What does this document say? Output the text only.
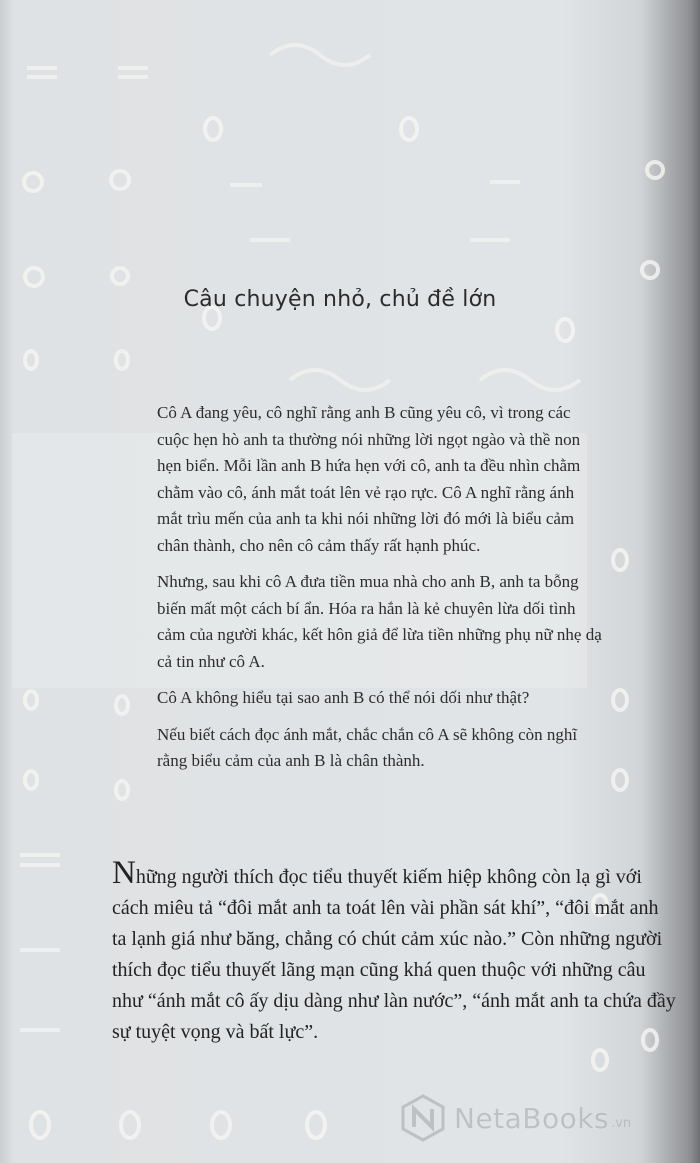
Câu chuyện nhỏ, chủ đề lớn

Cô A đang yêu, cô nghĩ rằng anh B cũng yêu cô, vì trong các cuộc hẹn hò anh ta thường nói những lời ngọt ngào và thề non hẹn biển. Mỗi lần anh B hứa hẹn với cô, anh ta đều nhìn chằm chằm vào cô, ánh mắt toát lên vẻ rạo rực. Cô A nghĩ rằng ánh mắt trìu mến của anh ta khi nói những lời đó mới là biểu cảm chân thành, cho nên cô cảm thấy rất hạnh phúc.

Nhưng, sau khi cô A đưa tiền mua nhà cho anh B, anh ta bỗng biến mất một cách bí ẩn. Hóa ra hắn là kẻ chuyên lừa dối tình cảm của người khác, kết hôn giả để lừa tiền những phụ nữ nhẹ dạ cả tin như cô A.

Cô A không hiểu tại sao anh B có thể nói dối như thật?

Nếu biết cách đọc ánh mắt, chắc chắn cô A sẽ không còn nghĩ rằng biểu cảm của anh B là chân thành.

Những người thích đọc tiểu thuyết kiếm hiệp không còn lạ gì với cách miêu tả “đôi mắt anh ta toát lên vài phần sát khí”, “đôi mắt anh ta lạnh giá như băng, chẳng có chút cảm xúc nào.” Còn những người thích đọc tiểu thuyết lãng mạn cũng khá quen thuộc với những câu như “ánh mắt cô ấy dịu dàng như làn nước”, “ánh mắt anh ta chứa đầy sự tuyệt vọng và bất lực”.

NetaBooks .vn
